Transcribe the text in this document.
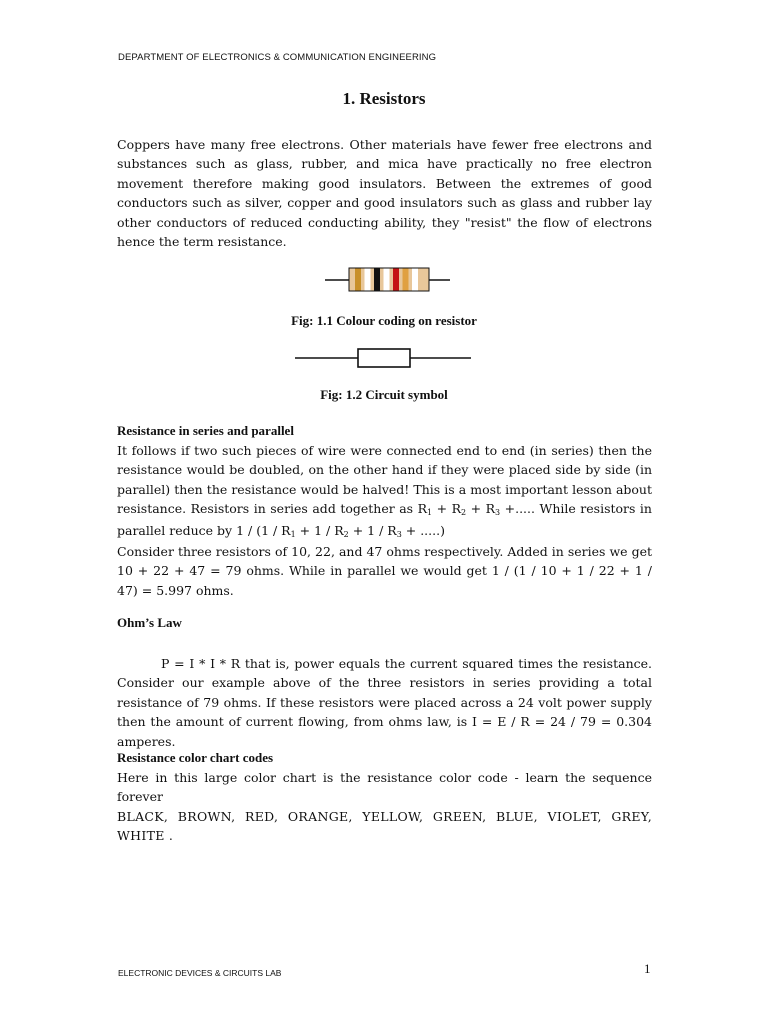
DEPARTMENT OF ELECTRONICS & COMMUNICATION ENGINEERING
1. Resistors
Coppers have many free electrons. Other materials have fewer free electrons and substances such as glass, rubber, and mica have practically no free electron movement therefore making good insulators. Between the extremes of good conductors such as silver, copper and good insulators such as glass and rubber lay other conductors of reduced conducting ability, they "resist" the flow of electrons hence the term resistance.
Fig: 1.1 Colour coding on resistor
Fig: 1.2 Circuit symbol
Resistance in series and parallel
It follows if two such pieces of wire were connected end to end (in series) then the resistance would be doubled, on the other hand if they were placed side by side (in parallel) then the resistance would be halved! This is a most important lesson about resistance. Resistors in series add together as $R_1 + R_2 + R_3$ +..... While resistors in parallel reduce by $1 / (1 / R_1 + 1 / R_2 + 1 / R_3$ + .....)
Consider three resistors of 10, 22, and 47 ohms respectively. Added in series we get 10 + 22 + 47 = 79 ohms. While in parallel we would get 1 / (1 / 10 + 1 / 22 + 1 / 47) = 5.997 ohms.
Ohm’s Law
P = I * I * R that is, power equals the current squared times the resistance. Consider our example above of the three resistors in series providing a total resistance of 79 ohms. If these resistors were placed across a 24 volt power supply then the amount of current flowing, from ohms law, is I = E / R = 24 / 79 = 0.304 amperes.
Resistance color chart codes
Here in this large color chart is the resistance color code - learn the sequence forever
BLACK, BROWN, RED, ORANGE, YELLOW, GREEN, BLUE, VIOLET, GREY, WHITE .
ELECTRONIC DEVICES & CIRCUITS LAB	1
